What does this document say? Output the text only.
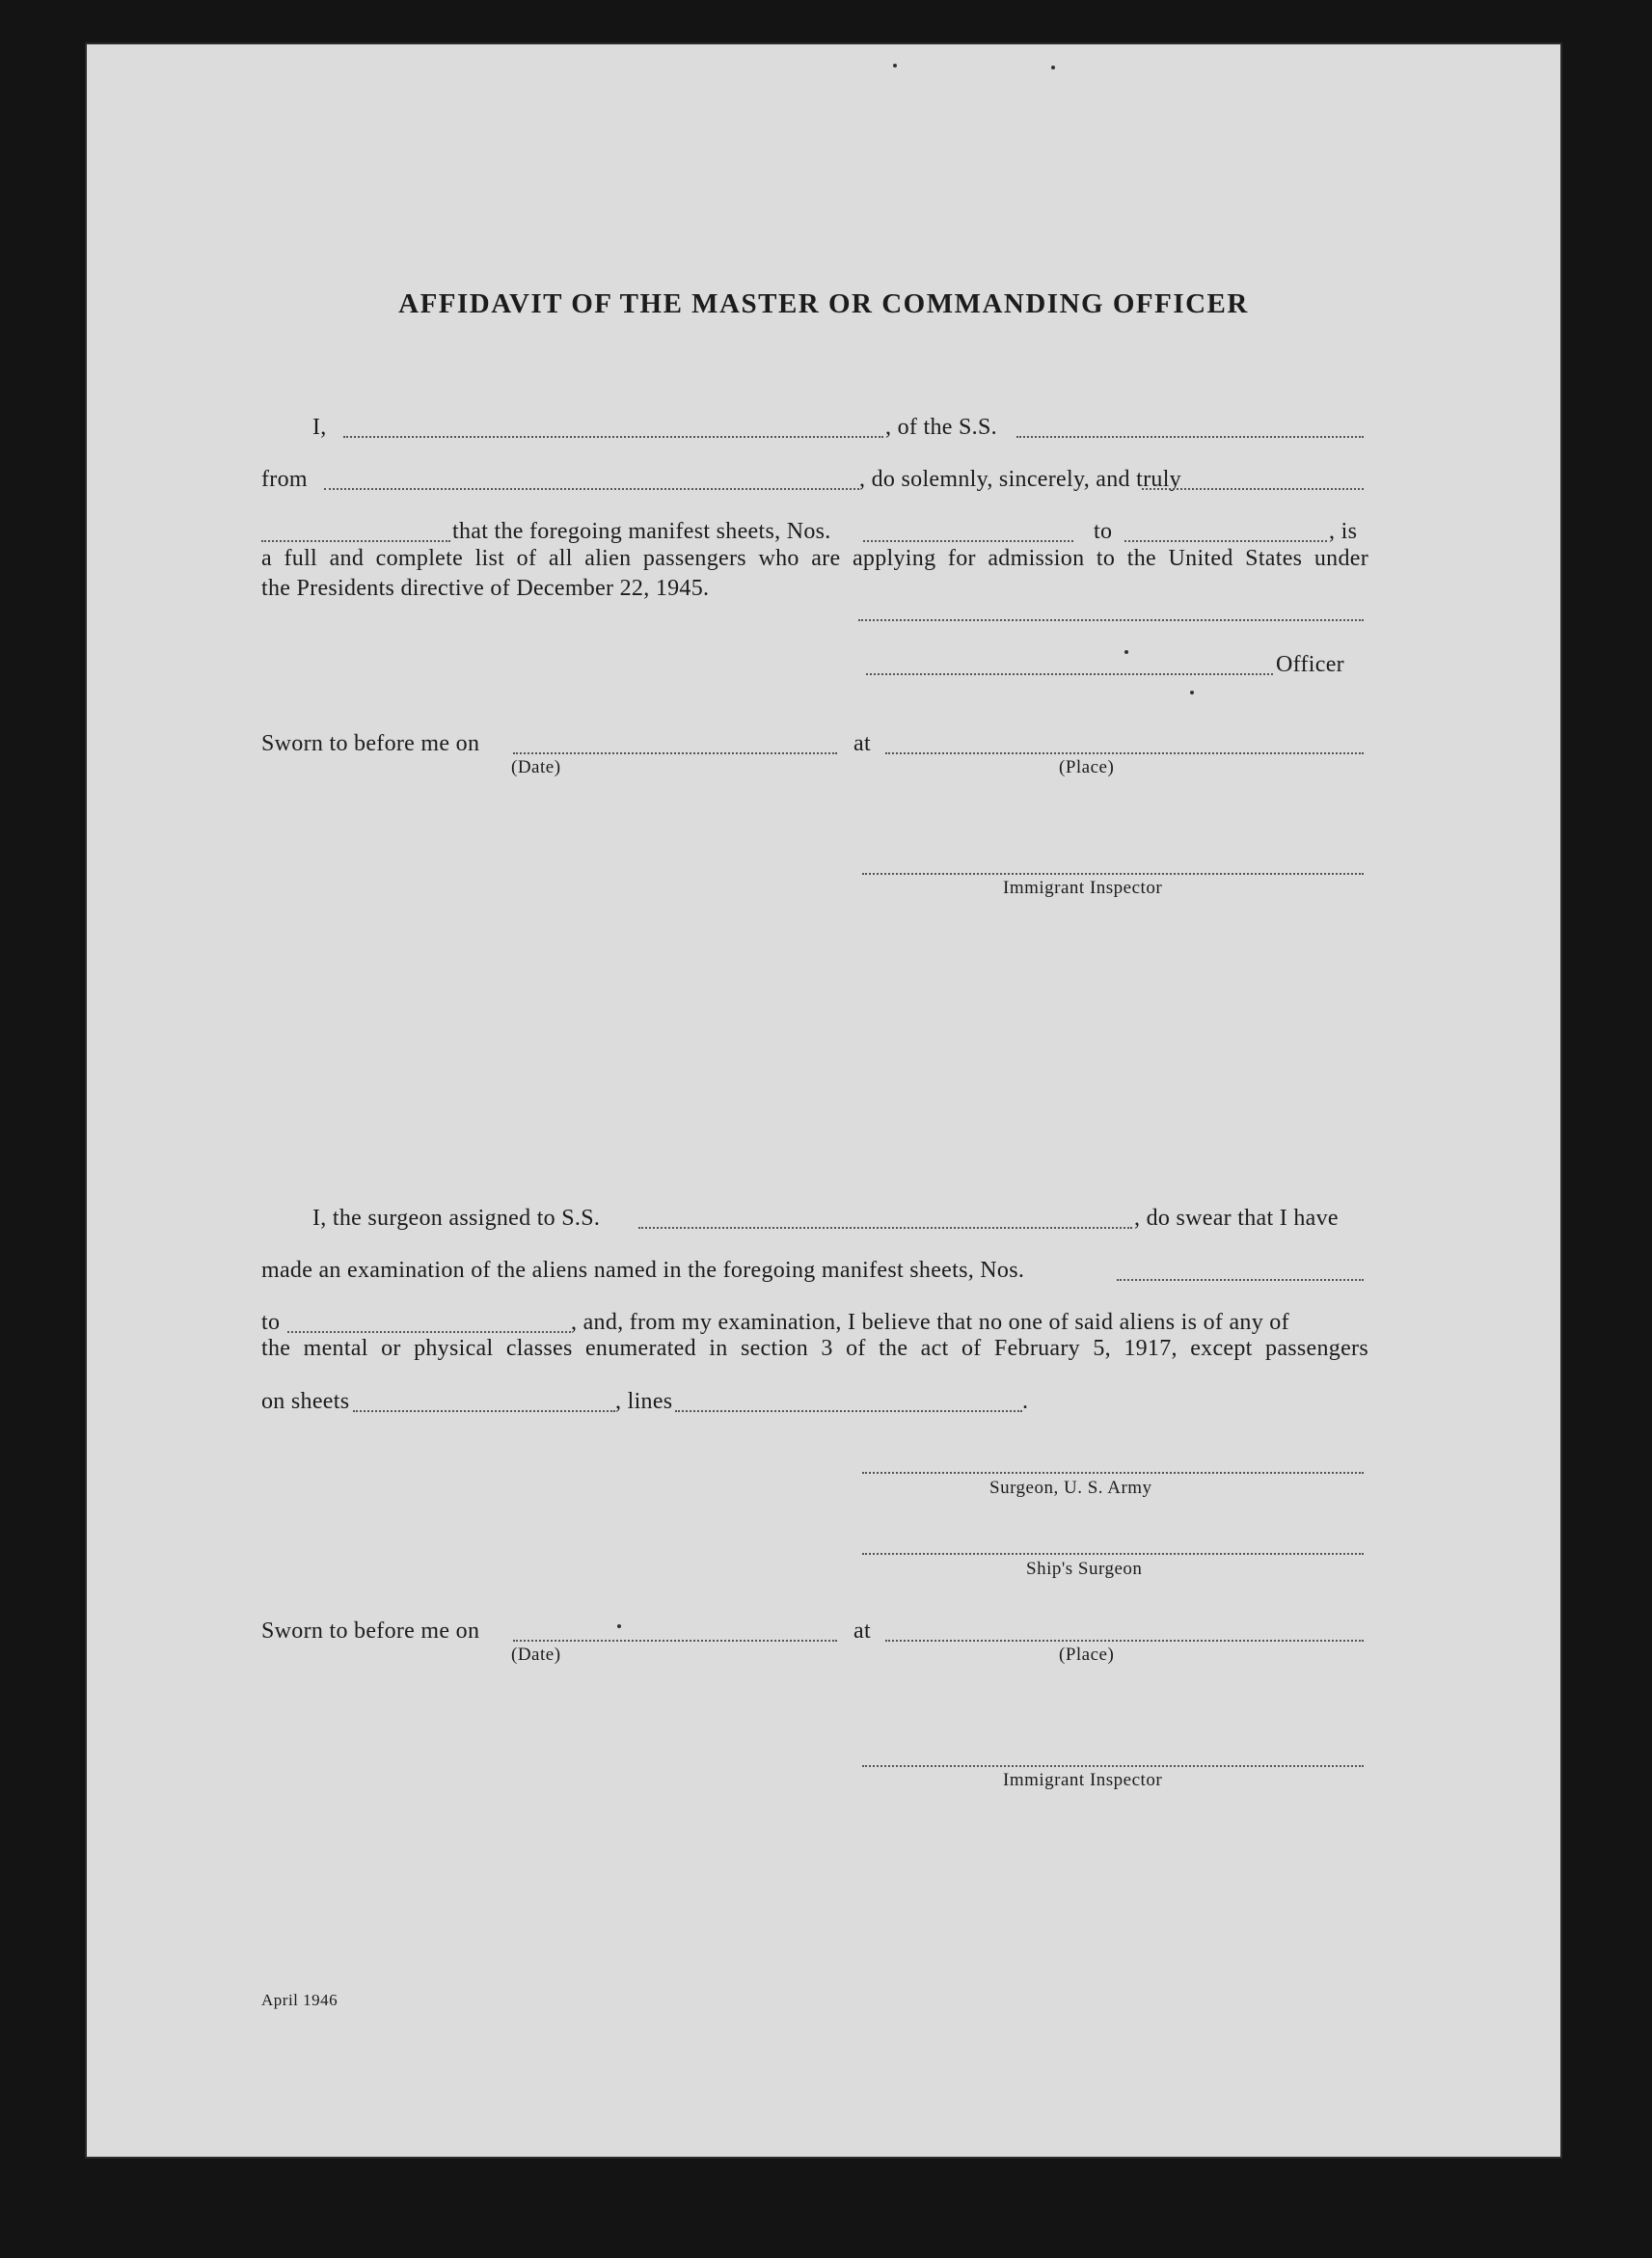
AFFIDAVIT OF THE MASTER OR COMMANDING OFFICER
I,	, of the S.S.
from	, do solemnly, sincerely, and truly
that the foregoing manifest sheets, Nos.	to	, is
a full and complete list of all alien passengers who are applying for admission to the United States under
the Presidents directive of December 22, 1945.
Officer
Sworn to before me on	at
(Date)	(Place)
Immigrant Inspector
I, the surgeon assigned to S.S.	, do swear that I have
made an examination of the aliens named in the foregoing manifest sheets, Nos.
to	, and, from my examination, I believe that no one of said aliens is of any of
the mental or physical classes enumerated in section 3 of the act of February 5, 1917, except passengers
on sheets	, lines	.
Surgeon, U. S. Army
Ship's Surgeon
Sworn to before me on	at
(Date)	(Place)
Immigrant Inspector
April 1946
